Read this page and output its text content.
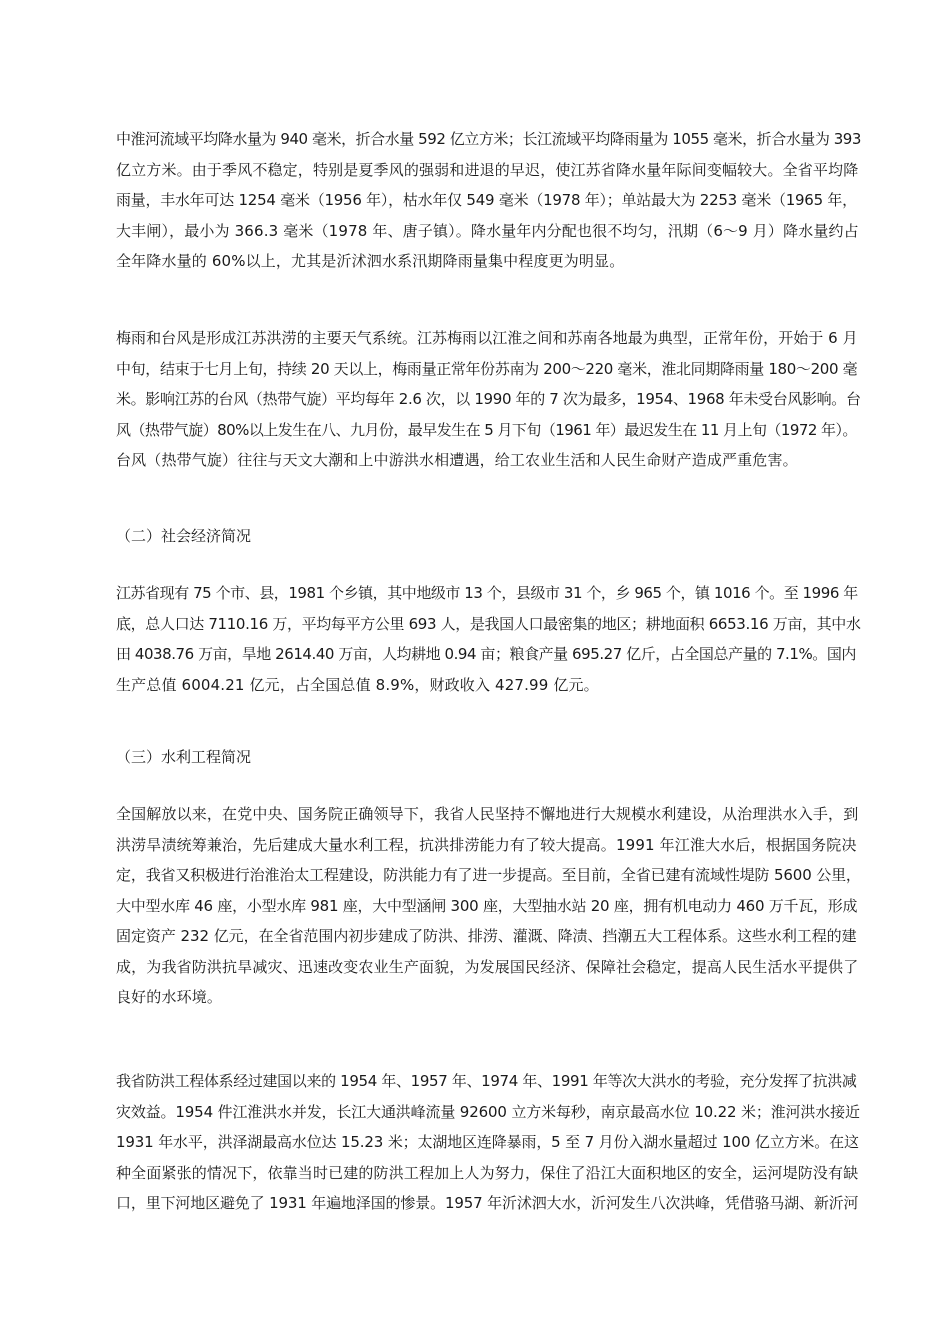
中淮河流域平均降水量为 940 毫米，折合水量 592 亿立方米；长江流域平均降雨量为 1055 毫米，折合水量为 393
亿立方米。由于季风不稳定，特别是夏季风的强弱和进退的早迟，使江苏省降水量年际间变幅较大。全省平均降
雨量，丰水年可达 1254 毫米（1956 年），枯水年仅 549 毫米（1978 年）；单站最大为 2253 毫米（1965 年，
大丰闸），最小为 366.3 毫米（1978 年、唐子镇）。降水量年内分配也很不均匀，汛期（6～9 月）降水量约占
全年降水量的 60%以上，尤其是沂沭泗水系汛期降雨量集中程度更为明显。
梅雨和台风是形成江苏洪涝的主要天气系统。江苏梅雨以江淮之间和苏南各地最为典型，正常年份，开始于 6 月
中旬，结束于七月上旬，持续 20 天以上，梅雨量正常年份苏南为 200～220 毫米，淮北同期降雨量 180～200 毫
米。影响江苏的台风（热带气旋）平均每年 2.6 次，以 1990 年的 7 次为最多，1954、1968 年未受台风影响。台
风（热带气旋）80%以上发生在八、九月份，最早发生在 5 月下旬（1961 年）最迟发生在 11 月上旬（1972 年）。
台风（热带气旋）往往与天文大潮和上中游洪水相遭遇，给工农业生活和人民生命财产造成严重危害。
（二）社会经济简况
江苏省现有 75 个市、县，1981 个乡镇，其中地级市 13 个，县级市 31 个，乡 965 个，镇 1016 个。至 1996 年
底，总人口达 7110.16 万，平均每平方公里 693 人，是我国人口最密集的地区；耕地面积 6653.16 万亩，其中水
田 4038.76 万亩，旱地 2614.40 万亩，人均耕地 0.94 亩；粮食产量 695.27 亿斤，占全国总产量的 7.1%。国内
生产总值 6004.21 亿元，占全国总值 8.9%，财政收入 427.99 亿元。
（三）水利工程简况
全国解放以来，在党中央、国务院正确领导下，我省人民坚持不懈地进行大规模水利建设，从治理洪水入手，到
洪涝旱渍统筹兼治，先后建成大量水利工程，抗洪排涝能力有了较大提高。1991 年江淮大水后，根据国务院决
定，我省又积极进行治淮治太工程建设，防洪能力有了进一步提高。至目前，全省已建有流域性堤防 5600 公里，
大中型水库 46 座，小型水库 981 座，大中型涵闸 300 座，大型抽水站 20 座，拥有机电动力 460 万千瓦，形成
固定资产 232 亿元，在全省范围内初步建成了防洪、排涝、灌溉、降渍、挡潮五大工程体系。这些水利工程的建
成，为我省防洪抗旱减灾、迅速改变农业生产面貌，为发展国民经济、保障社会稳定，提高人民生活水平提供了
良好的水环境。
我省防洪工程体系经过建国以来的 1954 年、1957 年、1974 年、1991 年等次大洪水的考验，充分发挥了抗洪减
灾效益。1954 件江淮洪水并发，长江大通洪峰流量 92600 立方米每秒，南京最高水位 10.22 米；淮河洪水接近
1931 年水平，洪泽湖最高水位达 15.23 米；太湖地区连降暴雨，5 至 7 月份入湖水量超过 100 亿立方米。在这
种全面紧张的情况下，依靠当时已建的防洪工程加上人为努力，保住了沿江大面积地区的安全，运河堤防没有缺
口，里下河地区避免了 1931 年遍地泽国的惨景。1957 年沂沭泗大水，沂河发生八次洪峰，凭借骆马湖、新沂河
